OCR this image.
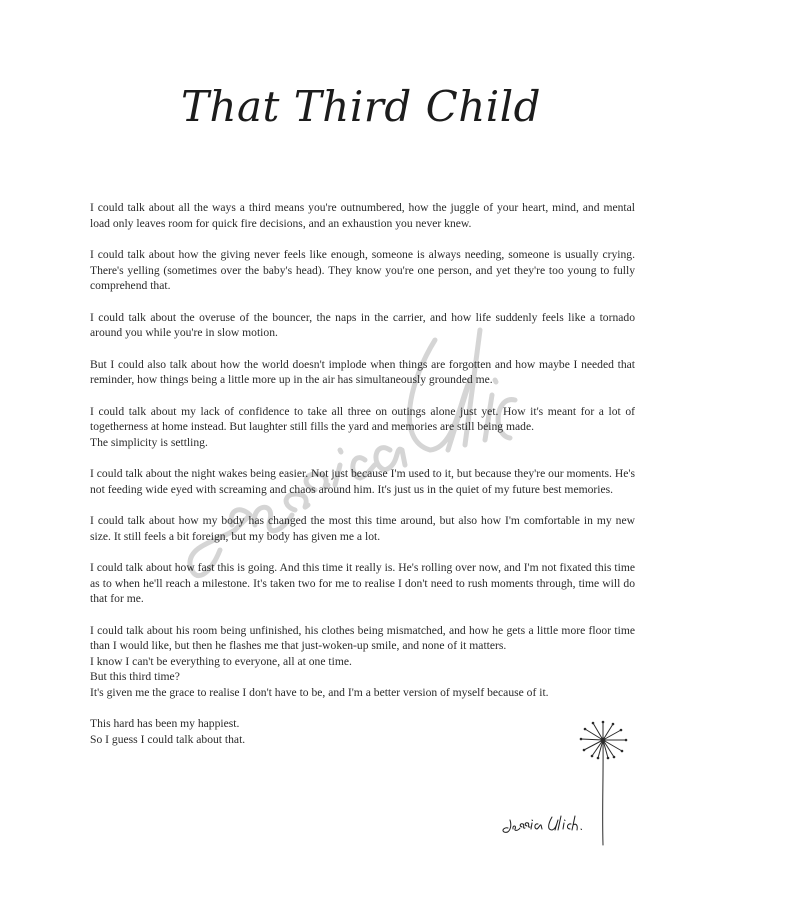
That Third Child

I could talk about all the ways a third means you're outnumbered, how the juggle of your heart, mind, and mental load only leaves room for quick fire decisions, and an exhaustion you never knew.

I could talk about how the giving never feels like enough, someone is always needing, someone is usually crying. There's yelling (sometimes over the baby's head). They know you're one person, and yet they're too young to fully comprehend that.

I could talk about the overuse of the bouncer, the naps in the carrier, and how life suddenly feels like a tornado around you while you're in slow motion.

But I could also talk about how the world doesn't implode when things are forgotten and how maybe I needed that reminder, how things being a little more up in the air has simultaneously grounded me.

I could talk about my lack of confidence to take all three on outings alone just yet. How it's meant for a lot of togetherness at home instead. But laughter still fills the yard and memories are still being made.
The simplicity is settling.

I could talk about the night wakes being easier. Not just because I'm used to it, but because they're our moments. He's not feeding wide eyed with screaming and chaos around him. It's just us in the quiet of my future best memories.

I could talk about how my body has changed the most this time around, but also how I'm comfortable in my new size. It still feels a bit foreign, but my body has given me a lot.

I could talk about how fast this is going. And this time it really is. He's rolling over now, and I'm not fixated this time as to when he'll reach a milestone. It's taken two for me to realise I don't need to rush moments through, time will do that for me.

I could talk about his room being unfinished, his clothes being mismatched, and how he gets a little more floor time than I would like, but then he flashes me that just-woken-up smile, and none of it matters.
I know I can't be everything to everyone, all at one time.
But this third time?
It's given me the grace to realise I don't have to be, and I'm a better version of myself because of it.
This hard has been my happiest.
So I guess I could talk about that.
